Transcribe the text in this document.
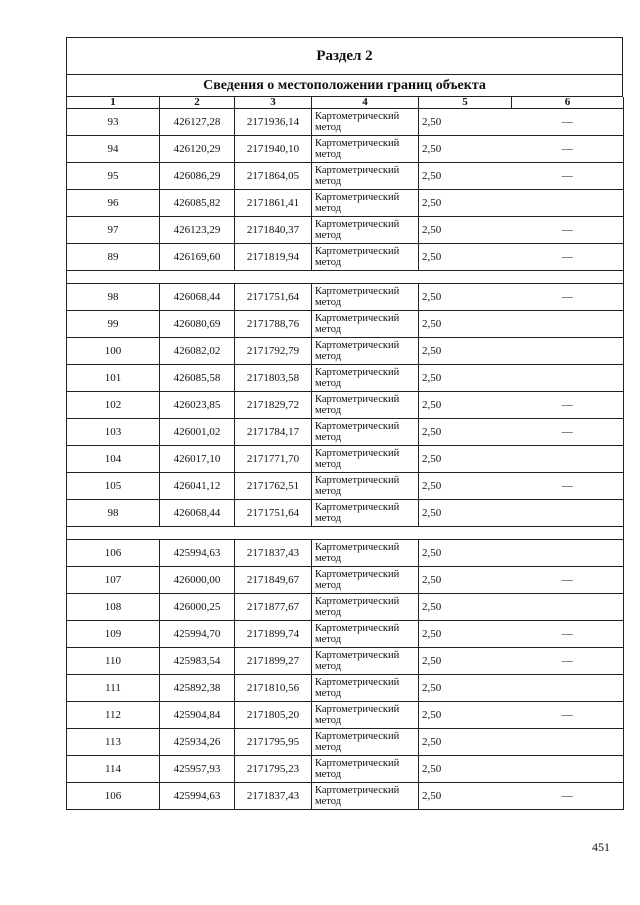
Раздел 2
Сведения о местоположении границ объекта
1	2	3	4	5	6
93	426127,28	2171936,14	Картометрический метод	2,50	—
94	426120,29	2171940,10	Картометрический метод	2,50	—
95	426086,29	2171864,05	Картометрический метод	2,50	—
96	426085,82	2171861,41	Картометрический метод	2,50	
97	426123,29	2171840,37	Картометрический метод	2,50	—
89	426169,60	2171819,94	Картометрический метод	2,50	—

98	426068,44	2171751,64	Картометрический метод	2,50	—
99	426080,69	2171788,76	Картометрический метод	2,50	
100	426082,02	2171792,79	Картометрический метод	2,50	
101	426085,58	2171803,58	Картометрический метод	2,50	
102	426023,85	2171829,72	Картометрический метод	2,50	—
103	426001,02	2171784,17	Картометрический метод	2,50	—
104	426017,10	2171771,70	Картометрический метод	2,50	
105	426041,12	2171762,51	Картометрический метод	2,50	—
98	426068,44	2171751,64	Картометрический метод	2,50	

106	425994,63	2171837,43	Картометрический метод	2,50	
107	426000,00	2171849,67	Картометрический метод	2,50	—
108	426000,25	2171877,67	Картометрический метод	2,50	
109	425994,70	2171899,74	Картометрический метод	2,50	—
110	425983,54	2171899,27	Картометрический метод	2,50	—
111	425892,38	2171810,56	Картометрический метод	2,50	
112	425904,84	2171805,20	Картометрический метод	2,50	—
113	425934,26	2171795,95	Картометрический метод	2,50	
114	425957,93	2171795,23	Картометрический метод	2,50	
106	425994,63	2171837,43	Картометрический метод	2,50	—
451
